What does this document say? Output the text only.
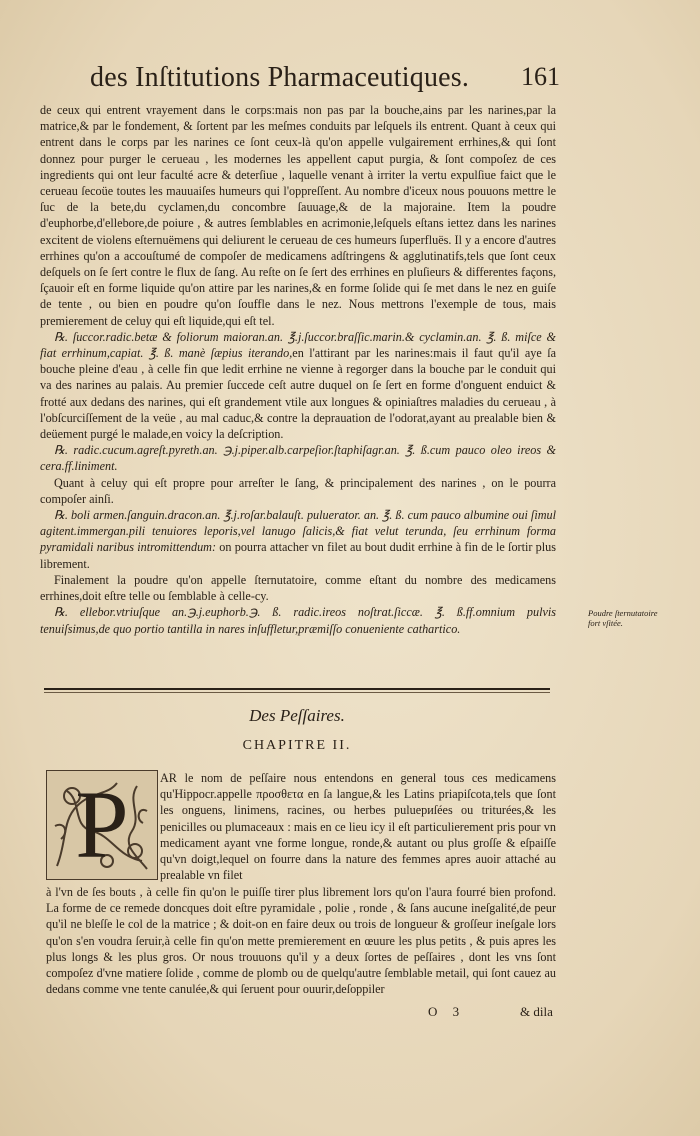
des Inſtitutions Pharmaceutiques. 161

de ceux qui entrent vrayement dans le corps:mais non pas par la bouche,ains par les narines,par la matrice,& par le fondement, & ſortent par les meſmes conduits par leſquels ils entrent. Quant à ceux qui entrent dans le corps par les narines ce ſont ceux-là qu'on appelle vulgairement errhines,& qui ſont donnez pour purger le cerueau , les modernes les appellent caput purgia, & ſont compoſez de ces ingredients qui ont leur faculté acre & deterſiue , laquelle venant à irriter la vertu expulſiue faict que le cerueau ſecoüe toutes les mauuaiſes humeurs qui l'oppreſſent. Au nombre d'iceux nous pouuons mettre le ſuc de la bete,du cyclamen,du concombre ſauuage,& de la majoraine. Item la poudre d'euphorbe,d'ellebore,de poiure , & autres ſemblables en acrimonie,leſquels eſtans iettez dans les narines excitent de violens eſternuëmens qui deliurent le cerueau de ces humeurs ſuperfluës. Il y a encore d'autres errhines qu'on a accouſtumé de compoſer de medicamens adſtringens & agglutinatifs,tels que ſont ceux deſquels on ſe ſert contre le flux de ſang. Au reſte on ſe ſert des errhines en pluſieurs & differentes façons, ſçauoir eſt en forme liquide qu'on attire par les narines,& en forme ſolide qui ſe met dans le nez en guiſe de tente , ou bien en poudre qu'on ſouffle dans le nez. Nous mettrons l'exemple de tous, mais premierement de celuy qui eſt liquide,qui eſt tel.

℞. ſuccor.radic.betæ & foliorum maioran.an. ℥.j.ſuccor.braſſic.marin.& cyclamin.an. ℥. ß. miſce & fiat errhinum,capiat. ℥. ß. manè ſæpius iterando,en l'attirant par les narines:mais il faut qu'il aye ſa bouche pleine d'eau , à celle fin que ledit errhine ne vienne à regorger dans la bouche par le conduit qui va des narines au palais. Au premier ſuccede ceſt autre duquel on ſe ſert en forme d'onguent enduict & frotté aux dedans des narines, qui eſt grandement vtile aux longues & opiniaſtres maladies du cerueau , à l'obſcurciſſement de la veüe , au mal caduc,& contre la deprauation de l'odorat,ayant au prealable bien & deüement purgé le malade,en voicy la deſcription.

℞. radic.cucum.agreſt.pyreth.an. ℈.j.piper.alb.carpeſior.ſtaphiſagr.an. ℥. ß.cum pauco oleo ireos & cera.ff.liniment.

Quant à celuy qui eſt propre pour arreſter le ſang, & principalement des narines , on le pourra compoſer ainſi.

℞. boli armen.ſanguin.dracon.an. ℥.j.roſar.balauſt. puluerator. an. ℥. ß. cum pauco albumine oui ſimul agitent.immergan.pili tenuiores leporis,vel lanugo ſalicis,& fiat velut terunda, ſeu errhinum forma pyramidali naribus intromittendum: on pourra attacher vn filet au bout dudit errhine à fin de le ſortir plus librement.

Finalement la poudre qu'on appelle ſternutatoire, comme eſtant du nombre des medicamens errhines,doit eſtre telle ou ſemblable à celle-cy.

℞. ellebor.vtriuſque an.℈.j.euphorb.℈. ß. radic.ireos noſtrat.ſiccæ. ℥. ß.ff.omnium pulvis tenuiſsimus,de quo portio tantilla in nares inſuffletur,præmiſſo conueniente cathartico.

Poudre ſternutatoire fort vſitée.
Des Peſſaires.
CHAPITRE II.
P	AR le nom de peſſaire nous entendons en general tous ces medicamens qu'Hippocr.appelle προσθετα en ſa langue,& les Latins priapiſcota,tels que ſont les onguens, linimens, racines, ou herbes puluериſées ou triturées,& les penicilles ou plumaceaux : mais en ce lieu icy il eſt particulierement pris pour vn medicament ayant vne forme longue, ronde,& autant ou plus groſſe & eſpaiſſe qu'vn doigt,lequel on fourre dans la nature des femmes apres auoir attaché au prealable vn filet
à l'vn de ſes bouts , à celle fin qu'on le puiſſe tirer plus librement lors qu'on l'aura fourré bien profond. La forme de ce remede doncques doit eſtre pyramidale , polie , ronde , & ſans aucune ineſgalité,de peur qu'il ne bleſſe le col de la matrice ; & doit-on en faire deux ou trois de longueur & groſſeur ineſgale lors qu'on s'en voudra ſeruir,à celle fin qu'on mette premierement en œuure les plus petits , & puis apres les plus longs & les plus gros. Or nous trouuons qu'il y a deux ſortes de peſſaires , dont les vns ſont compoſez d'vne matiere ſolide , comme de plomb ou de quelqu'autre ſemblable metail, qui ſont cauez au dedans comme vne tente canulée,& qui ſeruent pour ouurir,deſoppiler
O 3	& dila
